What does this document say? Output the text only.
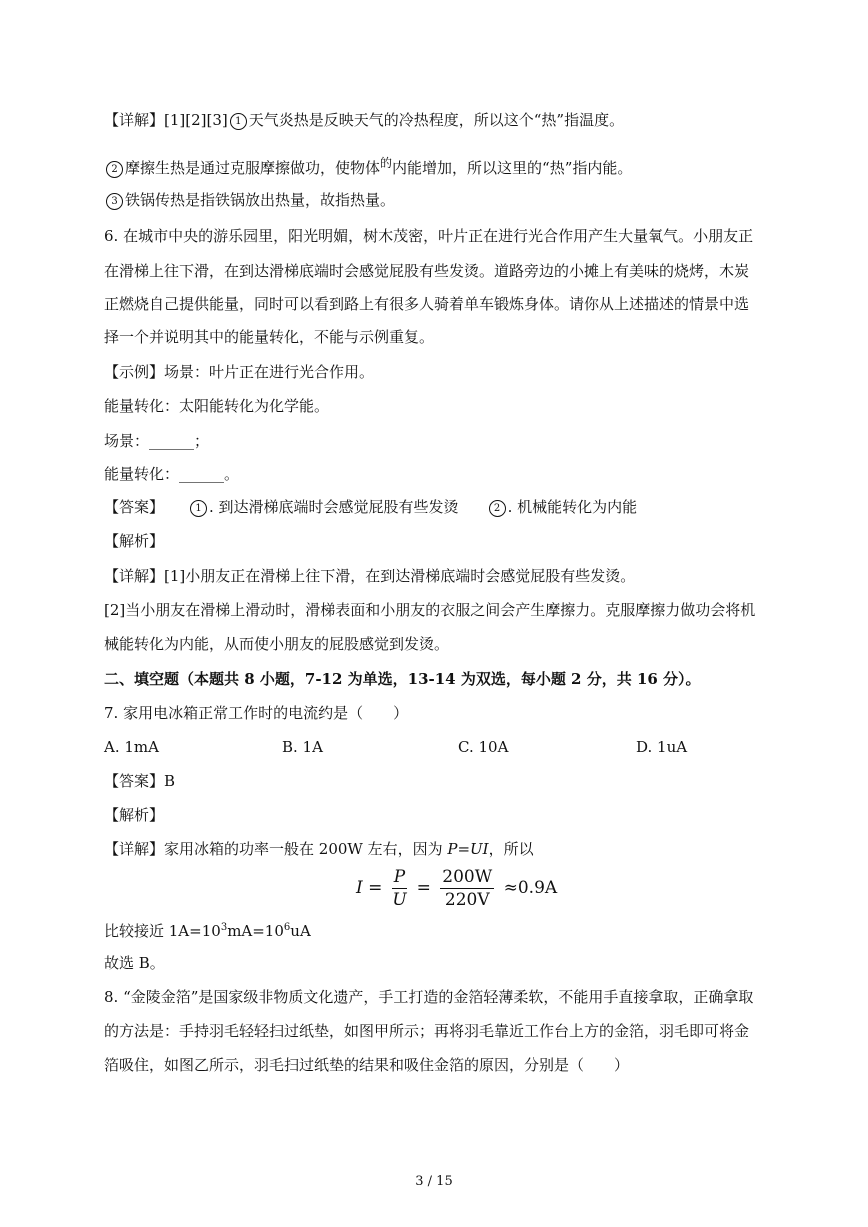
【详解】[1][2][3] 1 天气炎热是反映天气的冷热程度，所以这个“热”指温度。
2 摩擦生热是通过克服摩擦做功，使物体$^的$内能增加，所以这里的“热”指内能。
3 铁锅传热是指铁锅放出热量，故指热量。
6. 在城市中央的游乐园里，阳光明媚，树木茂密，叶片正在进行光合作用产生大量氧气。小朋友正
在滑梯上往下滑，在到达滑梯底端时会感觉屁股有些发烫。道路旁边的小摊上有美味的烧烤，木炭
正燃烧自己提供能量，同时可以看到路上有很多人骑着单车锻炼身体。请你从上述描述的情景中选
择一个并说明其中的能量转化，不能与示例重复。
【示例】场景：叶片正在进行光合作用。
能量转化：太阳能转化为化学能。
场景：______；
能量转化：______。
【答案】	1 . 到达滑梯底端时会感觉屁股有些发烫	2 . 机械能转化为内能
【解析】
【详解】[1]小朋友正在滑梯上往下滑，在到达滑梯底端时会感觉屁股有些发烫。
[2]当小朋友在滑梯上滑动时，滑梯表面和小朋友的衣服之间会产生摩擦力。克服摩擦力做功会将机
械能转化为内能，从而使小朋友的屁股感觉到发烫。
二、填空题（本题共 8 小题，7-12 为单选，13-14 为双选，每小题 2 分，共 16 分）。
7. 家用电冰箱正常工作时的电流约是（　　）
A. 1mA	B. 1A	C. 10A	D. 1uA
【答案】B
【解析】
【详解】家用冰箱的功率一般在 200W 左右，因为 P=UI，所以
$I = \frac{P}{U} = \frac{200W}{220V} \approx 0.9A$
比较接近 $1A=10^3mA=10^6uA$
故选 B。
8. “金陵金箔”是国家级非物质文化遗产，手工打造的金箔轻薄柔软，不能用手直接拿取，正确拿取
的方法是：手持羽毛轻轻扫过纸垫，如图甲所示；再将羽毛靠近工作台上方的金箔，羽毛即可将金
箔吸住，如图乙所示，羽毛扫过纸垫的结果和吸住金箔的原因，分别是（　　）
3 / 15
